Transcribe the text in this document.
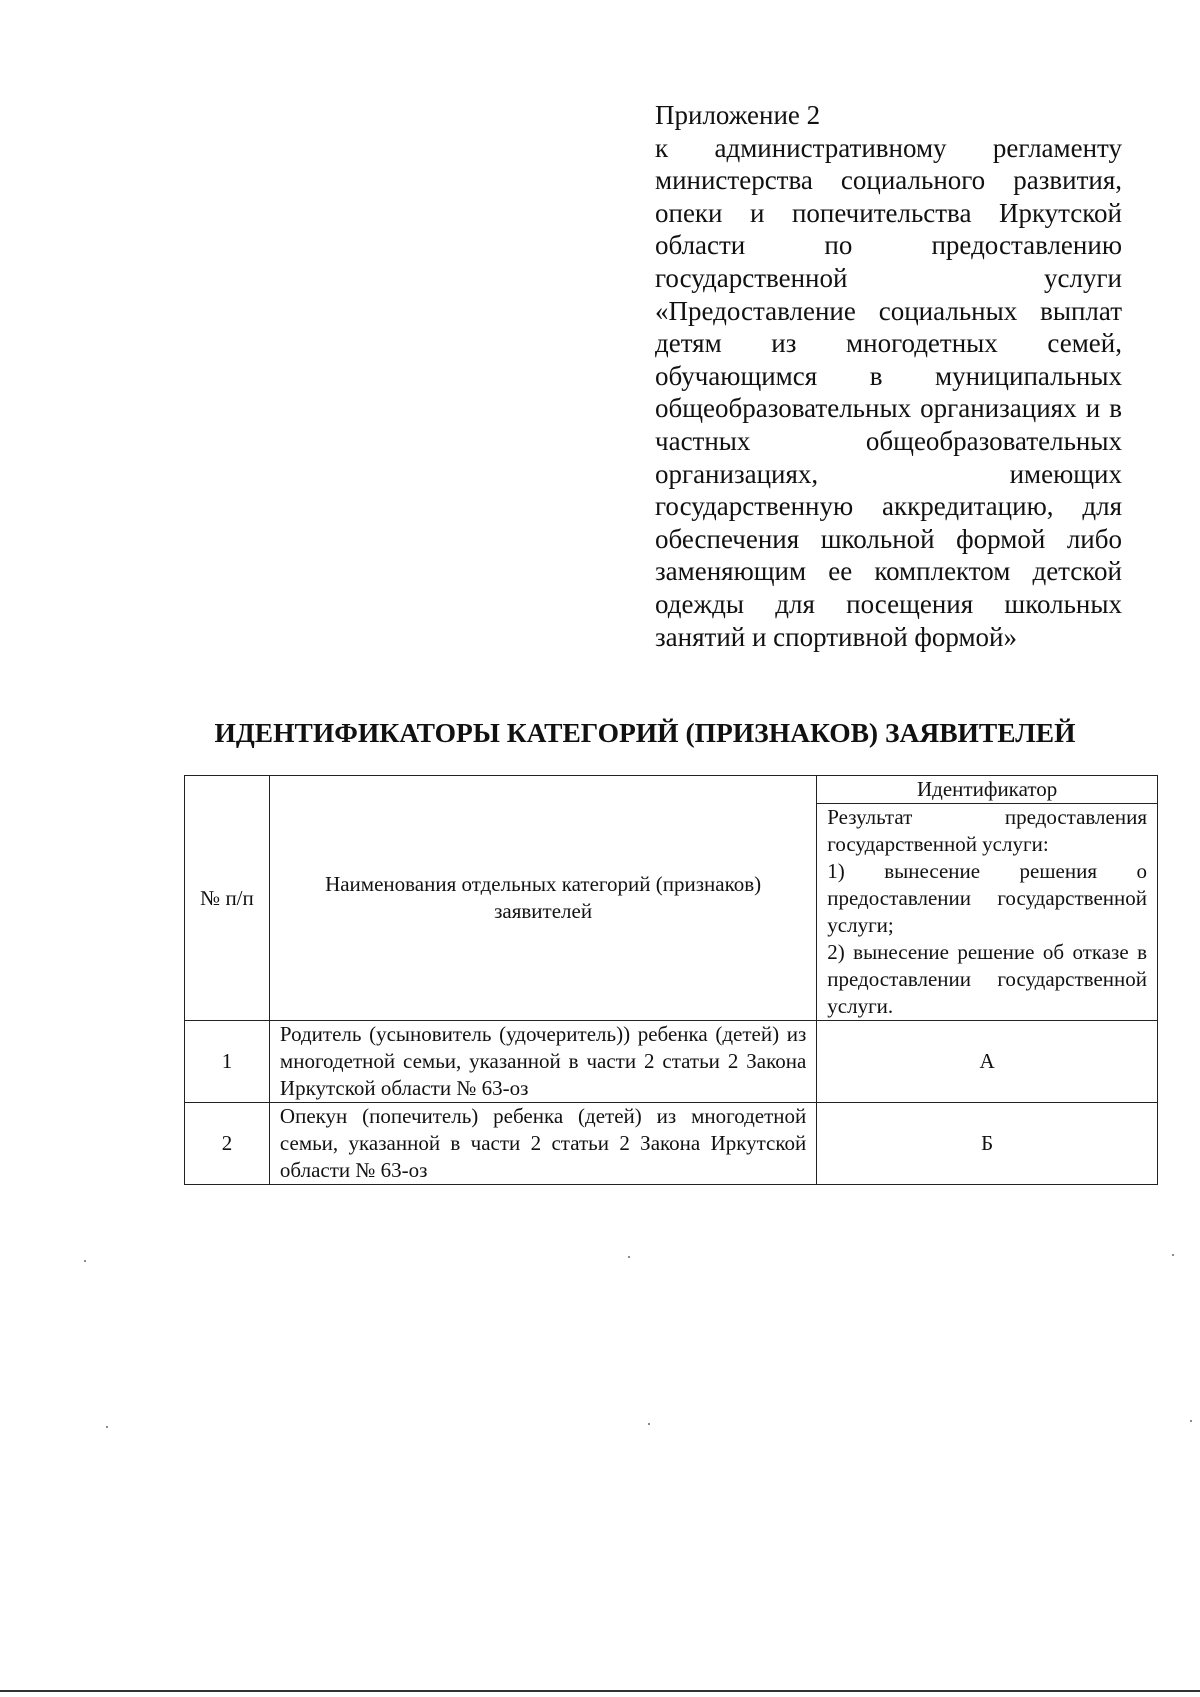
Приложение 2

к административному регламенту министерства социального развития, опеки и попечительства Иркутской области по предоставлению государственной услуги «Предоставление социальных выплат детям из многодетных семей, обучающимся в муниципальных общеобразовательных организациях и в частных общеобразовательных организациях, имеющих государственную аккредитацию, для обеспечения школьной формой либо заменяющим ее комплектом детской одежды для посещения школьных занятий и спортивной формой»

ИДЕНТИФИКАТОРЫ КАТЕГОРИЙ (ПРИЗНАКОВ) ЗАЯВИТЕЛЕЙ
№ п/п	Наименования отдельных категорий (признаков) заявителей	Идентификатор

		Результат предоставления государственной услуги:
1) вынесение решения о предоставлении государственной услуги;
2) вынесение решение об отказе в предоставлении государственной услуги.

1	Родитель (усыновитель (удочеритель)) ребенка (детей) из многодетной семьи, указанной в части 2 статьи 2 Закона Иркутской области № 63-оз	А
2	Опекун (попечитель) ребенка (детей) из многодетной семьи, указанной в части 2 статьи 2 Закона Иркутской области № 63-оз	Б
